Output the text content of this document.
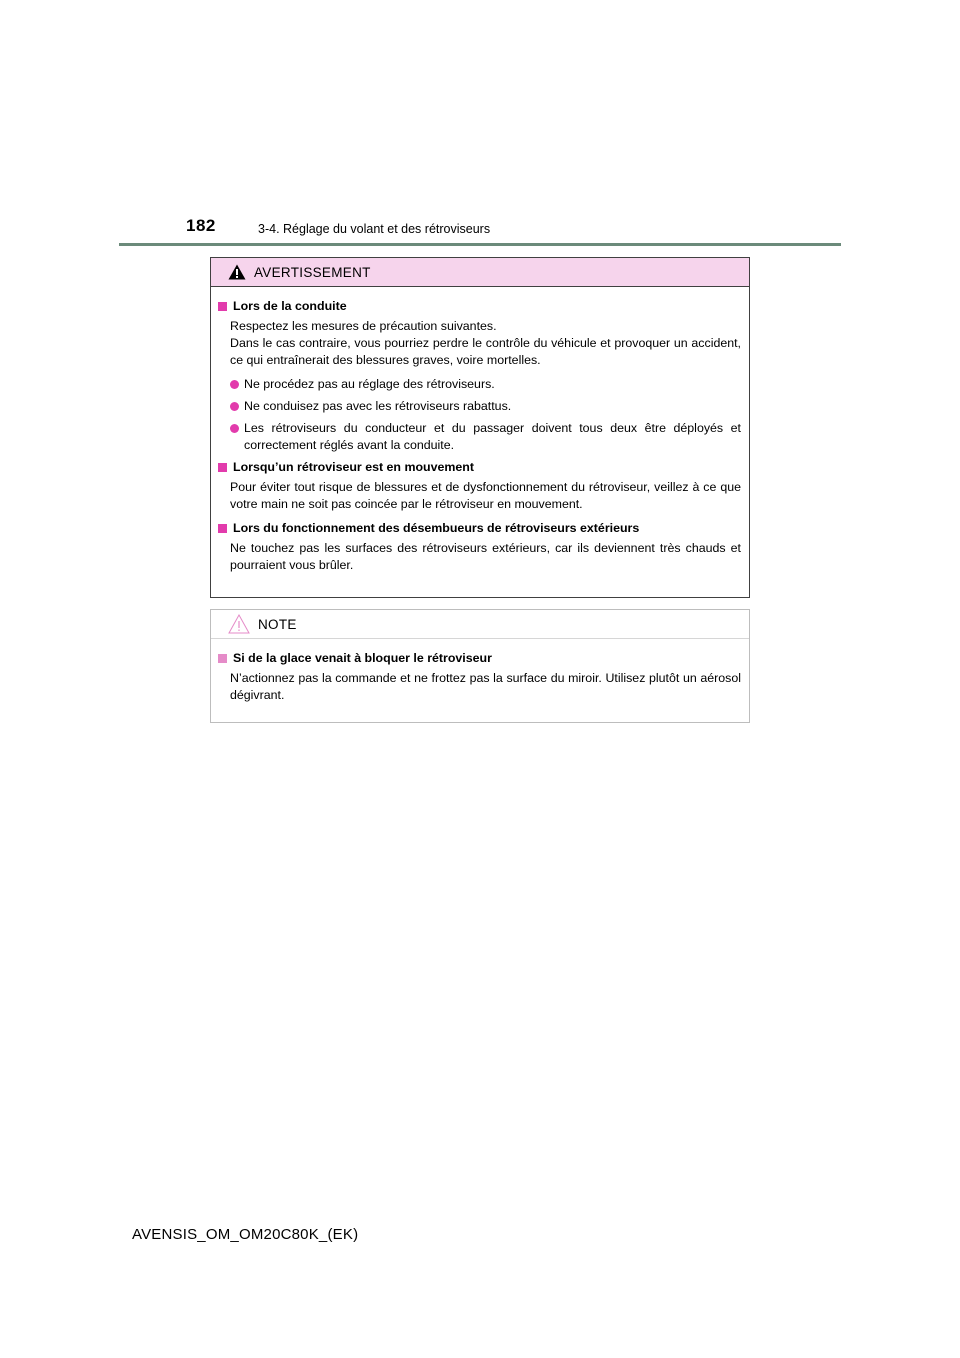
182	3-4. Réglage du volant et des rétroviseurs
AVERTISSEMENT
Lors de la conduite
Respectez les mesures de précaution suivantes.
Dans le cas contraire, vous pourriez perdre le contrôle du véhicule et provoquer un accident, ce qui entraînerait des blessures graves, voire mortelles.
Ne procédez pas au réglage des rétroviseurs.
Ne conduisez pas avec les rétroviseurs rabattus.
Les rétroviseurs du conducteur et du passager doivent tous deux être déployés et correctement réglés avant la conduite.
Lorsqu’un rétroviseur est en mouvement
Pour éviter tout risque de blessures et de dysfonctionnement du rétroviseur, veillez à ce que votre main ne soit pas coincée par le rétroviseur en mouvement.
Lors du fonctionnement des désembueurs de rétroviseurs extérieurs
Ne touchez pas les surfaces des rétroviseurs extérieurs, car ils deviennent très chauds et pourraient vous brûler.
NOTE
Si de la glace venait à bloquer le rétroviseur
N’actionnez pas la commande et ne frottez pas la surface du miroir. Utilisez plutôt un aérosol dégivrant.
AVENSIS_OM_OM20C80K_(EK)
